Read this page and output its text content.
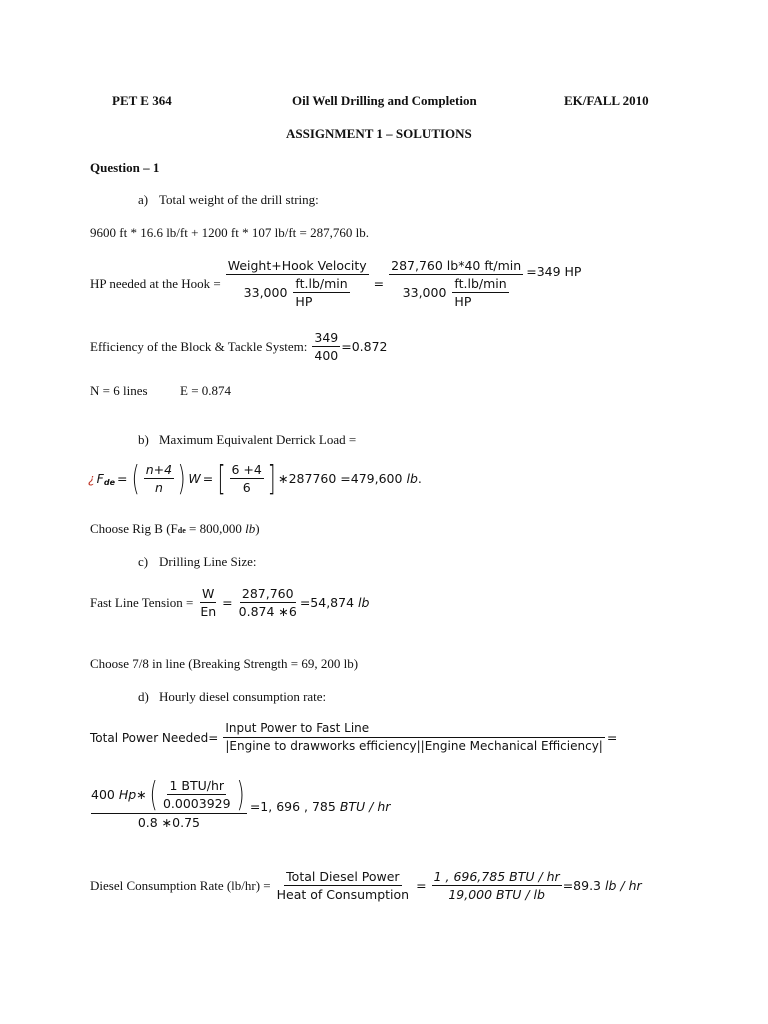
PET E 364	Oil Well Drilling and Completion	EK/FALL 2010
ASSIGNMENT 1 – SOLUTIONS
Question – 1
a) Total weight of the drill string:
9600 ft * 16.6 lb/ft + 1200 ft * 107 lb/ft = 287,760 lb.
HP needed at the Hook = $\frac{\text{Weight+Hook Velocity}}{33,000 \frac{ft.lb/\min}{HP}} = \frac{287,760 lb*40 ft/\min}{33,000 \frac{ft.lb/\min}{HP}} =349$ HP
Efficiency of the Block & Tackle System: $\frac{349}{400} =0.872$
N = 6 lines E = 0.874
b) Maximum Equivalent Derrick Load =
¿ F de = ( $\frac{n+4}{n}$ ) W = [ $\frac{6 +4}{6}$ ] ∗287760 =479,600 lb .
Choose Rig B (Fde = 800,000 lb)
c) Drilling Line Size:
Fast Line Tension = $\frac{W}{En} = \frac{287,760}{0.874 ∗6} =54,874$ lb
Choose 7/8 in line (Breaking Strength = 69, 200 lb)
d) Hourly diesel consumption rate:
Total Power Needed=
Input Power to Fast Line
|Engine to drawworks efficiency||Engine Mechanical Efficiency|
=
400 Hp ∗ ( $\frac{\text{1 BTU/hr}}{0.0003929}$ )
0.8 ∗0.75
=1, 696 , 785 BTU / hr
Diesel Consumption Rate $(lb/hr) = \frac{\text{Total Diesel Power}}{\text{Heat of Consumption}} = \frac{\text{1 , 696,785 BTU / hr}}{\text{19,000 BTU / lb}} =89.3$ lb / hr
